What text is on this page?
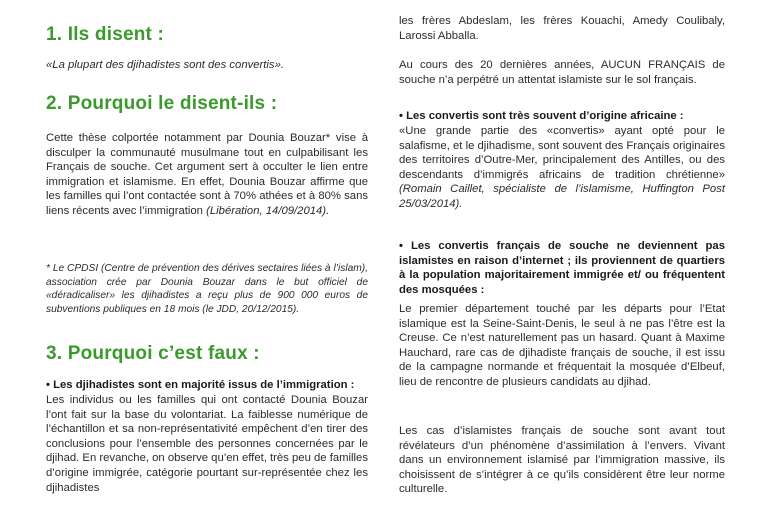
1. Ils disent :

«La plupart des djihadistes sont des convertis».

2. Pourquoi le disent-ils :

Cette thèse colportée notamment par Dounia Bouzar* vise à disculper la communauté musulmane tout en culpabilisant les Français de souche. Cet argument sert à occulter le lien entre immigration et islamisme. En effet, Dounia Bouzar affirme que les familles qui l’ont contactée sont à 70% athées et à 80% sans liens récents avec l’immigration (Libération, 14/09/2014).

* Le CPDSI (Centre de prévention des dérives sectaires liées à l’islam), association crée par Dounia Bouzar dans le but officiel de «déradicaliser» les djihadistes a reçu plus de 900 000 euros de subventions publiques en 18 mois (le JDD, 20/12/2015).

3. Pourquoi c’est faux :

• Les djihadistes sont en majorité issus de l’immigration :

Les individus ou les familles qui ont contacté Dounia Bouzar l’ont fait sur la base du volontariat. La faiblesse numérique de l’échantillon et sa non-représentativité empêchent d’en tirer des conclusions pour l’ensemble des personnes concernées par le djihad. En revanche, on observe qu’en effet, très peu de familles d’origine immigrée, catégorie pourtant sur-représentée chez les djihadistes

les frères Abdeslam, les frères Kouachi, Amedy Coulibaly, Larossi Abballa.

Au cours des 20 dernières années, AUCUN FRANÇAIS de souche n’a perpétré un attentat islamiste sur le sol français.

• Les convertis sont très souvent d’origine africaine :

«Une grande partie des «convertis» ayant opté pour le salafisme, et le djihadisme, sont souvent des Français originaires des territoires d’Outre-Mer, principalement des Antilles, ou des descendants d’immigrés africains de tradition chrétienne» (Romain Caillet, spécialiste de l’islamisme, Huffington Post 25/03/2014).

• Les convertis français de souche ne deviennent pas islamistes en raison d’internet ; ils proviennent de quartiers à la population majoritairement immigrée et/ ou fréquentent des mosquées :

Le premier département touché par les départs pour l’Etat islamique est la Seine-Saint-Denis, le seul à ne pas l’être est la Creuse. Ce n’est naturellement pas un hasard. Quant à Maxime Hauchard, rare cas de djihadiste français de souche, il est issu de la campagne normande et fréquentait la mosquée d’Elbeuf, lieu de rencontre de plusieurs candidats au djihad.

Les cas d’islamistes français de souche sont avant tout révélateurs d’un phénomène d’assimilation à l’envers. Vivant dans un environnement islamisé par l’immigration massive, ils choisissent de s’intégrer à ce qu’ils considèrent être leur norme culturelle.
